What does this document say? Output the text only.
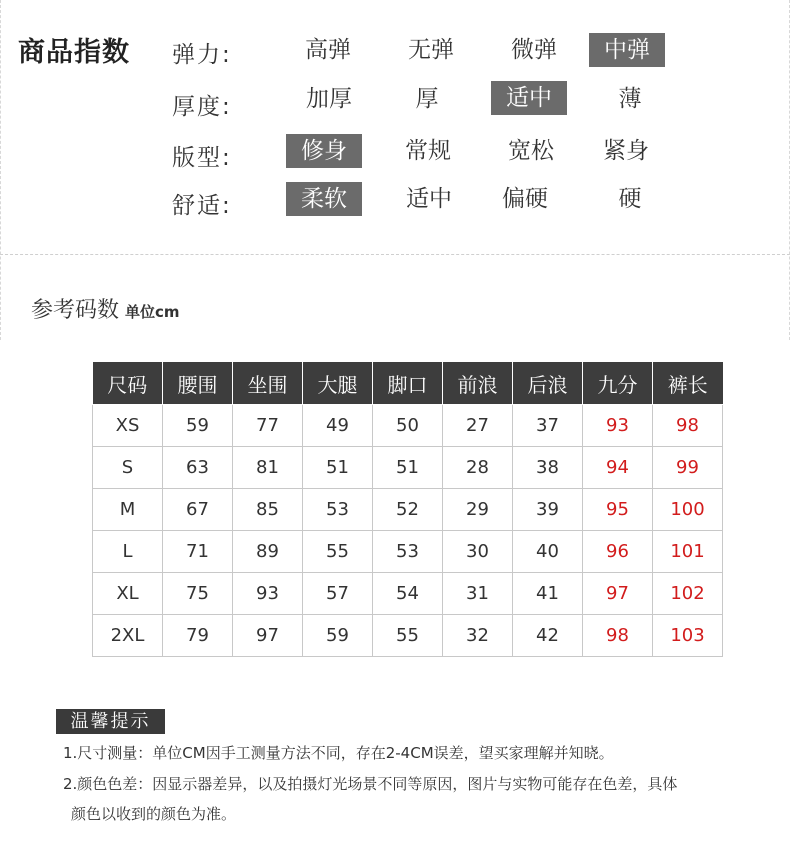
商品指数 弹力:	高弹	无弹	微弹	中弹
厚度:	加厚	厚	适中	薄
版型:	修身	常规	宽松	紧身
舒适:	柔软	适中	偏硬	硬
参考码数 单位cm
尺码	腰围	坐围	大腿	脚口	前浪	后浪	九分	裤长
XS	59	77	49	50	27	37	93	98
S	63	81	51	51	28	38	94	99
M	67	85	53	52	29	39	95	100
L	71	89	55	53	30	40	96	101
XL	75	93	57	54	31	41	97	102
2XL	79	97	59	55	32	42	98	103
温馨提示
1.尺寸测量：单位CM因手工测量方法不同，存在2-4CM误差，望买家理解并知晓。
2.颜色色差：因显示器差异，以及拍摄灯光场景不同等原因，图片与实物可能存在色差，具体
颜色以收到的颜色为准。
